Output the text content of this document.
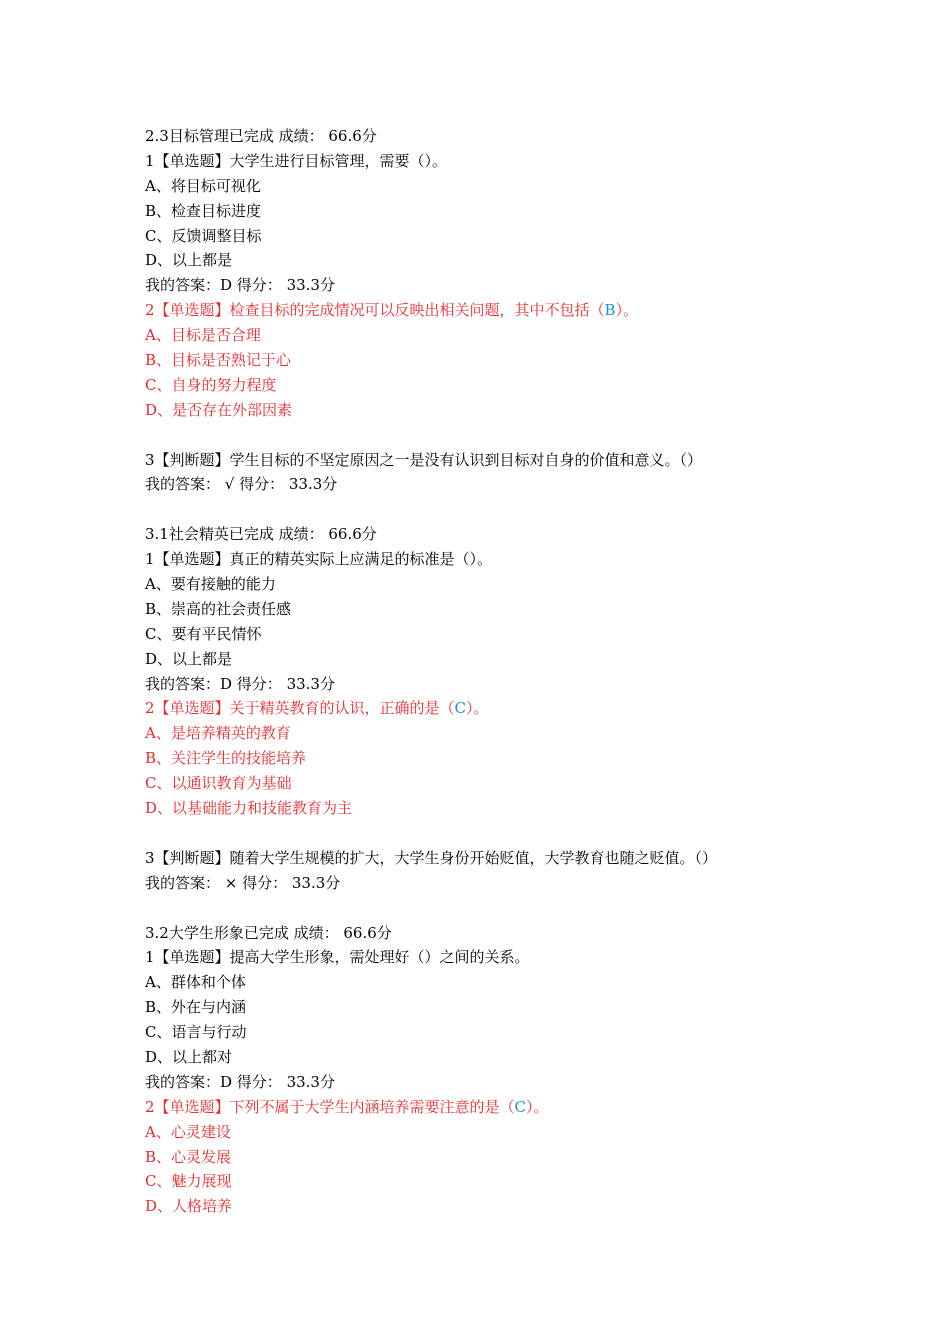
2.3目标管理已完成 成绩： 66.6分
1【单选题】大学生进行目标管理，需要（）。
A、将目标可视化
B、检查目标进度
C、反馈调整目标
D、以上都是
我的答案：D 得分： 33.3分
2【单选题】检查目标的完成情况可以反映出相关问题，其中不包括（B）。
A、目标是否合理
B、目标是否熟记于心
C、自身的努力程度
D、是否存在外部因素
3【判断题】学生目标的不坚定原因之一是没有认识到目标对自身的价值和意义。（）
我的答案： √ 得分： 33.3分
3.1社会精英已完成 成绩： 66.6分
1【单选题】真正的精英实际上应满足的标准是（）。
A、要有接触的能力
B、崇高的社会责任感
C、要有平民情怀
D、以上都是
我的答案：D 得分： 33.3分
2【单选题】关于精英教育的认识，正确的是（C）。
A、是培养精英的教育
B、关注学生的技能培养
C、以通识教育为基础
D、以基础能力和技能教育为主
3【判断题】随着大学生规模的扩大，大学生身份开始贬值，大学教育也随之贬值。（）
我的答案： × 得分： 33.3分
3.2大学生形象已完成 成绩： 66.6分
1【单选题】提高大学生形象，需处理好（）之间的关系。
A、群体和个体
B、外在与内涵
C、语言与行动
D、以上都对
我的答案：D 得分： 33.3分
2【单选题】下列不属于大学生内涵培养需要注意的是（C）。
A、心灵建设
B、心灵发展
C、魅力展现
D、人格培养
